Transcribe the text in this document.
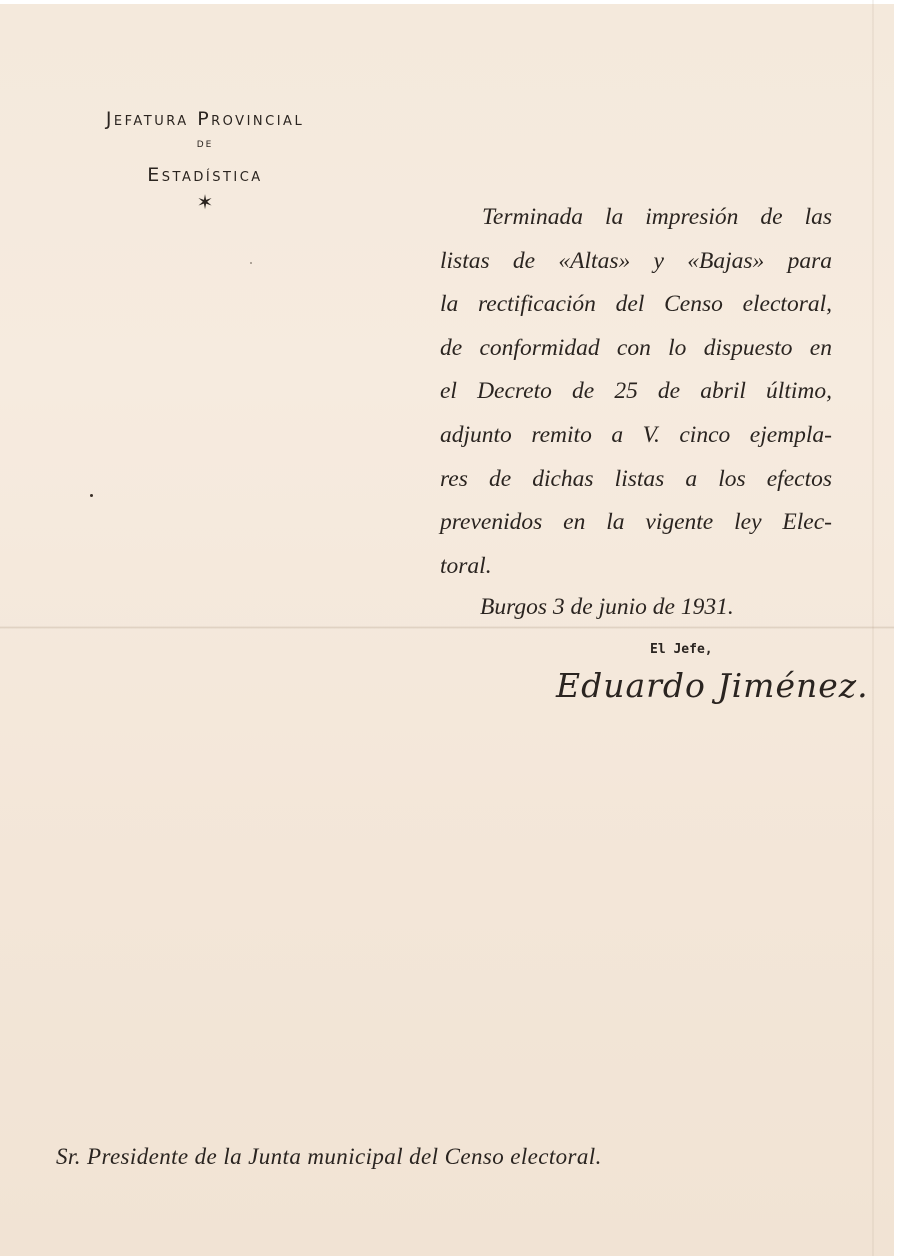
Jefatura Provincial
DE
Estadística
✶
Terminada la impresión de las
listas de «Altas» y «Bajas» para
la rectificación del Censo electoral,
de conformidad con lo dispuesto en
el Decreto de 25 de abril último,
adjunto remito a V. cinco ejempla-
res de dichas listas a los efectos
prevenidos en la vigente ley Elec-
toral.
Burgos 3 de junio de 1931.
El Jefe,
Eduardo Jiménez.
Sr. Presidente de la Junta municipal del Censo electoral.
